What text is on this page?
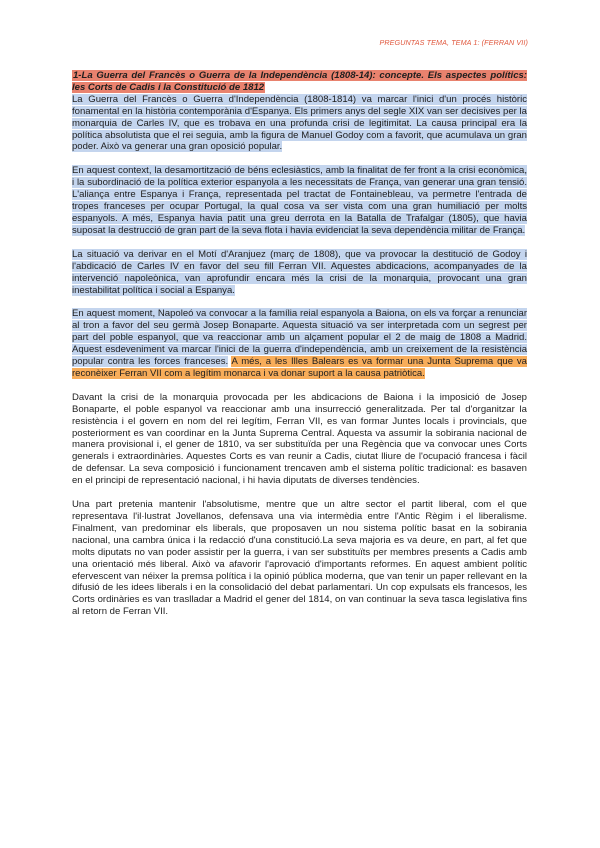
PREGUNTAS TEMA, TEMA 1: (FERRAN VII)

1-La Guerra del Francès o Guerra de la Independència (1808-14): concepte. Els aspectes polítics: les Corts de Cadis i la Constitució de 1812
La Guerra del Francès o Guerra d'Independència (1808-1814) va marcar l'inici d'un procés històric fonamental en la història contemporània d'Espanya. Els primers anys del segle XIX van ser decisives per la monarquia de Carles IV, que es trobava en una profunda crisi de legitimitat. La causa principal era la política absolutista que el rei seguia, amb la figura de Manuel Godoy com a favorit, que acumulava un gran poder. Això va generar una gran oposició popular.

En aquest context, la desamortització de béns eclesiàstics, amb la finalitat de fer front a la crisi econòmica, i la subordinació de la política exterior espanyola a les necessitats de França, van generar una gran tensió. L'aliança entre Espanya i França, representada pel tractat de Fontainebleau, va permetre l'entrada de tropes franceses per ocupar Portugal, la qual cosa va ser vista com una gran humiliació per molts espanyols. A més, Espanya havia patit una greu derrota en la Batalla de Trafalgar (1805), que havia suposat la destrucció de gran part de la seva flota i havia evidenciat la seva dependència militar de França.

La situació va derivar en el Motí d'Aranjuez (març de 1808), que va provocar la destitució de Godoy i l'abdicació de Carles IV en favor del seu fill Ferran VII. Aquestes abdicacions, acompanyades de la intervenció napoleònica, van aprofundir encara més la crisi de la monarquia, provocant una gran inestabilitat política i social a Espanya.

En aquest moment, Napoleó va convocar a la família reial espanyola a Baiona, on els va forçar a renunciar al tron a favor del seu germà Josep Bonaparte. Aquesta situació va ser interpretada com un segrest per part del poble espanyol, que va reaccionar amb un alçament popular el 2 de maig de 1808 a Madrid. Aquest esdeveniment va marcar l'inici de la guerra d'independència, amb un creixement de la resistència popular contra les forces franceses. A més, a les Illes Balears es va formar una Junta Suprema que va reconèixer Ferran VII com a legítim monarca i va donar suport a la causa patriòtica.

Davant la crisi de la monarquia provocada per les abdicacions de Baiona i la imposició de Josep Bonaparte, el poble espanyol va reaccionar amb una insurrecció generalitzada. Per tal d'organitzar la resistència i el govern en nom del rei legítim, Ferran VII, es van formar Juntes locals i provincials, que posteriorment es van coordinar en la Junta Suprema Central. Aquesta va assumir la sobirania nacional de manera provisional i, el gener de 1810, va ser substituïda per una Regència que va convocar unes Corts generals i extraordinàries. Aquestes Corts es van reunir a Cadis, ciutat lliure de l'ocupació francesa i fàcil de defensar. La seva composició i funcionament trencaven amb el sistema polític tradicional: es basaven en el principi de representació nacional, i hi havia diputats de diverses tendències.

Una part pretenia mantenir l'absolutisme, mentre que un altre sector el partit liberal, com el que representava l'il·lustrat Jovellanos, defensava una via intermèdia entre l'Antic Règim i el liberalisme. Finalment, van predominar els liberals, que proposaven un nou sistema polític basat en la sobirania nacional, una cambra única i la redacció d'una constitució.La seva majoria es va deure, en part, al fet que molts diputats no van poder assistir per la guerra, i van ser substituïts per membres presents a Cadis amb una orientació més liberal. Això va afavorir l'aprovació d'importants reformes. En aquest ambient polític efervescent van néixer la premsa política i la opinió pública moderna, que van tenir un paper rellevant en la difusió de les idees liberals i en la consolidació del debat parlamentari. Un cop expulsats els francesos, les Corts ordinàries es van traslladar a Madrid el gener del 1814, on van continuar la seva tasca legislativa fins al retorn de Ferran VII.
